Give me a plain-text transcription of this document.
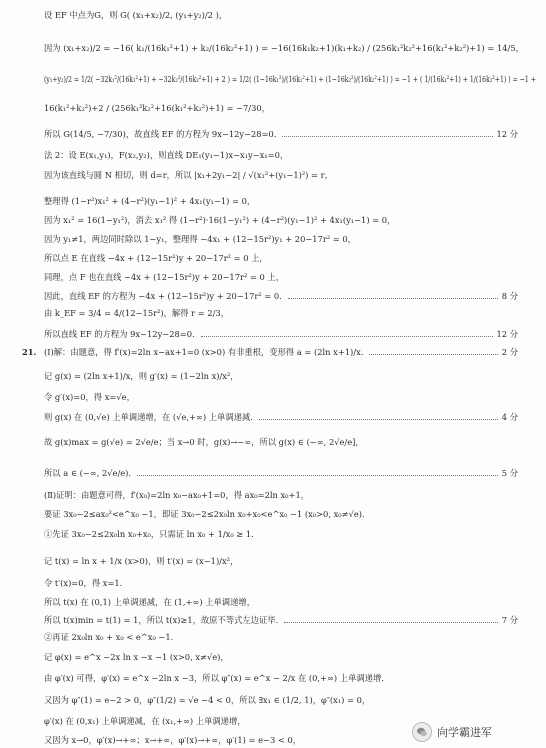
设 EF 中点为G，则 G( (x₁+x₂)/2, (y₁+y₂)/2 )，
因为 (x₁+x₂)/2 = −16( k₁/(16k₁²+1) + k₂/(16k₂²+1) ) = −16(16k₁k₂+1)(k₁+k₂) / (256k₁²k₂²+16(k₁²+k₂²)+1) = 14/5，
(y₁+y₂)/2 = 1/2( −32k₁²/(16k₁²+1) + −32k₂²/(16k₂²+1) + 2 ) = 1/2( (1−16k₁²)/(16k₁²+1) + (1−16k₂²)/(16k₂²+1) ) = −1 + ( 1/(16k₁²+1) + 1/(16k₂²+1) ) = −1 +
16(k₁²+k₂²)+2 / (256k₁²k₂²+16(k₁²+k₂²)+1) = −7/30，
所以 G(14/5, −7/30)，故直线 EF 的方程为 9x−12y−28=0.	12 分
法 2：设 E(x₁,y₁)，F(x₂,y₂)，则直线 DE₁(y₁−1)x−x₁y−x₁=0，
因为该直线与圆 N 相切，则 d=r，所以 |x₁+2y₁−2| / √(x₁²+(y₁−1)²) = r，
整理得 (1−r²)x₁² + (4−r²)(y₁−1)² + 4x₁(y₁−1) = 0，
因为 x₁² = 16(1−y₁²)，消去 x₁² 得 (1−r²)·16(1−y₁²) + (4−r²)(y₁−1)² + 4x₁(y₁−1) = 0，
因为 y₁≠1，两边同时除以 1−y₁，整理得 −4x₁ + (12−15r²)y₁ + 20−17r² = 0，
所以点 E 在直线 −4x + (12−15r²)y + 20−17r² = 0 上，
同理，点 F 也在直线 −4x + (12−15r²)y + 20−17r² = 0 上，
因此，直线 EF 的方程为 −4x + (12−15r²)y + 20−17r² = 0.	8 分
由 k_EF = 3/4 = 4/(12−15r²)，解得 r = 2/3，
所以直线 EF 的方程为 9x−12y−28=0.	12 分
(Ⅰ)解：由题意，得 f′(x)=2ln x−ax+1=0 (x>0) 有非重根，变形得 a = (2ln x+1)/x.	2 分
记 g(x) = (2ln x+1)/x，则 g′(x) = (1−2ln x)/x²，
令 g′(x)=0，得 x=√e，
则 g(x) 在 (0,√e) 上单调递增，在 (√e,+∞) 上单调递减.	4 分
故 g(x)max = g(√e) = 2√e/e；当 x→0 时，g(x)→−∞，所以 g(x) ∈ (−∞, 2√e/e]，
所以 a ∈ (−∞, 2√e/e).	5 分
(Ⅱ)证明：由题意可得，f′(x₀)=2ln x₀−ax₀+1=0，得 ax₀=2ln x₀+1，
要证 3x₀−2≤ax₀²<e^x₀ −1，即证 3x₀−2≤2x₀ln x₀+x₀<e^x₀ −1 (x₀>0, x₀≠√e).
①先证 3x₀−2≤2x₀ln x₀+x₀，只需证 ln x₀ + 1/x₀ ≥ 1.
记 t(x) = ln x + 1/x (x>0)，则 t′(x) = (x−1)/x²，
令 t′(x)=0，得 x=1.
所以 t(x) 在 (0,1) 上单调递减，在 (1,+∞) 上单调递增，
所以 t(x)min = t(1) = 1，所以 t(x)≥1，故原不等式左边证毕.	7 分
②再证 2x₀ln x₀ + x₀ < e^x₀ −1.
记 φ(x) = e^x −2x ln x −x −1 (x>0, x≠√e)，
由 φ′(x) 可得，φ′(x) = e^x −2ln x −3，所以 φ″(x) = e^x − 2/x 在 (0,+∞) 上单调递增.
又因为 φ″(1) = e−2 > 0，φ″(1/2) = √e −4 < 0，所以 ∃x₁ ∈ (1/2, 1)，φ″(x₁) = 0，
φ′(x) 在 (0,x₁) 上单调递减，在 (x₁,+∞) 上单调递增，
又因为 x→0，φ′(x)→+∞；x→+∞，φ′(x)→+∞，φ′(1) = e−3 < 0，
21.
向学霸进军
